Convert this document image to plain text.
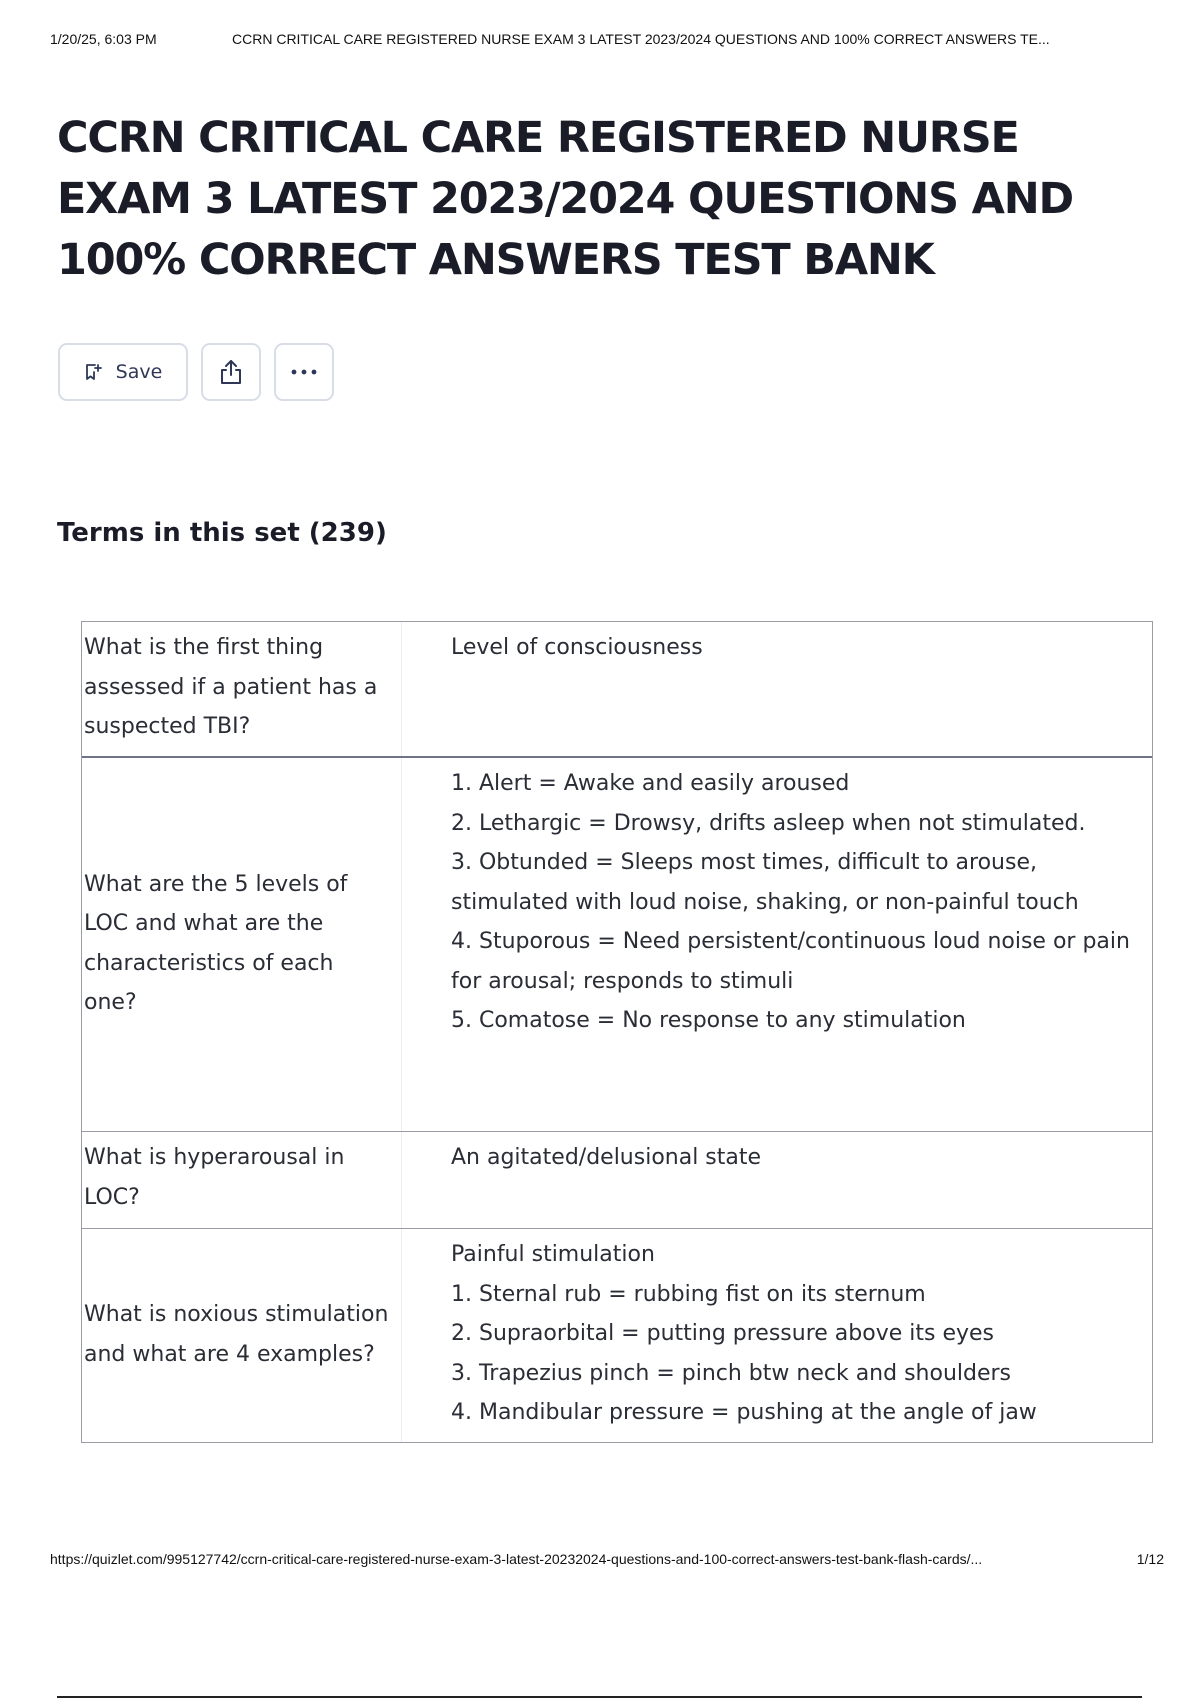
1/20/25, 6:03 PM	CCRN CRITICAL CARE REGISTERED NURSE EXAM 3 LATEST 2023/2024 QUESTIONS AND 100% CORRECT ANSWERS TE...
CCRN CRITICAL CARE REGISTERED NURSE EXAM 3 LATEST 2023/2024 QUESTIONS AND 100% CORRECT ANSWERS TEST BANK
Save
Terms in this set (239)
What is the first thing assessed if a patient has a suspected TBI?
Level of consciousness
What are the 5 levels of LOC and what are the characteristics of each one?
1. Alert = Awake and easily aroused
2. Lethargic = Drowsy, drifts asleep when not stimulated.
3. Obtunded = Sleeps most times, difficult to arouse, stimulated with loud noise, shaking, or non-painful touch
4. Stuporous = Need persistent/continuous loud noise or pain for arousal; responds to stimuli
5. Comatose = No response to any stimulation
What is hyperarousal in LOC?
An agitated/delusional state
What is noxious stimulation and what are 4 examples?
Painful stimulation
1. Sternal rub = rubbing fist on its sternum
2. Supraorbital = putting pressure above its eyes
3. Trapezius pinch = pinch btw neck and shoulders
4. Mandibular pressure = pushing at the angle of jaw
https://quizlet.com/995127742/ccrn-critical-care-registered-nurse-exam-3-latest-20232024-questions-and-100-correct-answers-test-bank-flash-cards/...	1/12
